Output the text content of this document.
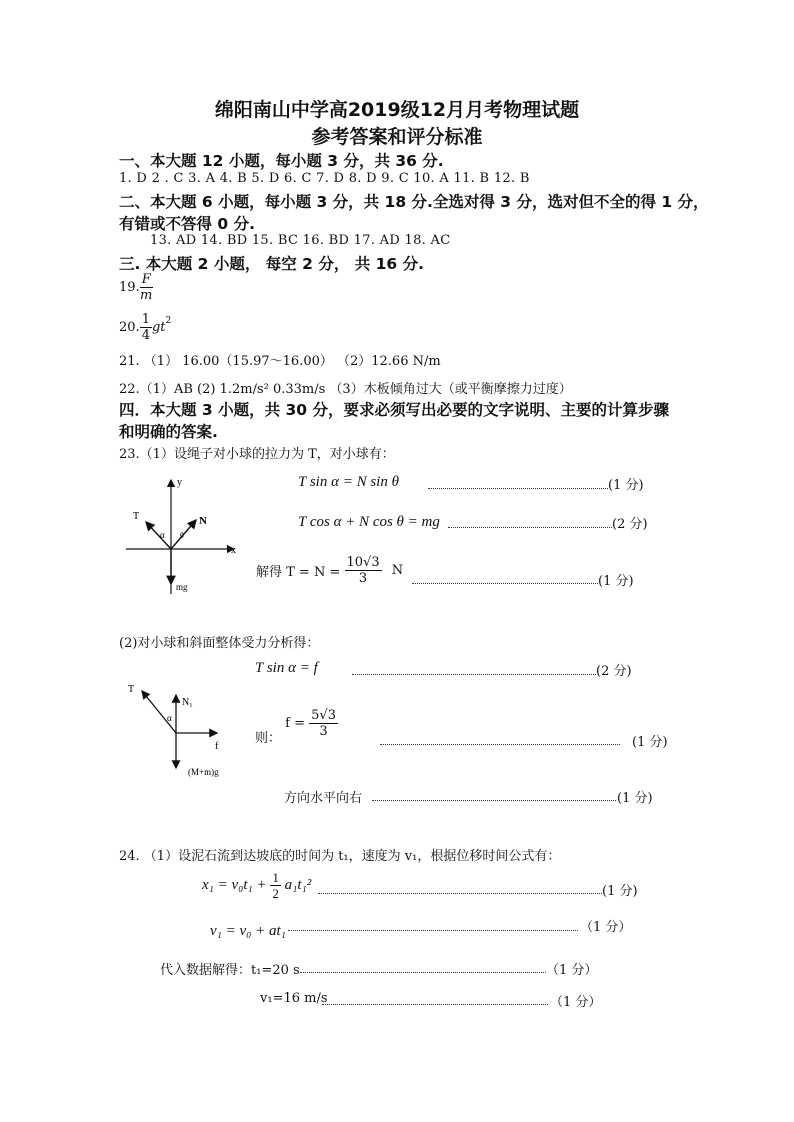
绵阳南山中学高2019级12月月考物理试题
参考答案和评分标准
一、本大题 12 小题，每小题 3 分，共 36 分.
1. D 2 . C 3. A 4. B 5. D 6. C 7. D 8. D 9. C 10. A 11. B 12. B
二、本大题 6 小题，每小题 3 分，共 18 分.全选对得 3 分，选对但不全的得 1 分，
有错或不答得 0 分.
13. AD 14. BD 15. BC 16. BD 17. AD 18. AC
三. 本大题 2 小题， 每空 2 分， 共 16 分.
19. $\frac{F}{m}$
20. $\frac{1}{4} gt^2$
21. （1） 16.00（15.97～16.00） （2）12.66 N/m
22.（1）AB (2) 1.2m/s² 0.33m/s （3）木板倾角过大（或平衡摩擦力过度）
四．本大题 3 小题，共 30 分，要求必须写出必要的文字说明、主要的计算步骤
和明确的答案.
23.（1）设绳子对小球的拉力为 T，对小球有：
y
x
T	N
α θ
mg
T sin α = N sin θ	(1 分)
T cos α + N cos θ = mg	(2 分)
解得 $T = N = \frac{10√3}{3}$ N
(1 分)
(2)对小球和斜面整体受力分析得：
T
N₁
α
f
(M+m)g
T sin α = f	(2 分)
则： $f = \frac{5√3}{3}$
(1 分)
方向水平向右	(1 分)
24. （1）设泥石流到达坡底的时间为 t₁，速度为 v₁，根据位移时间公式有：
$x_1 = v_0t_1 + \frac{1}{2} a_1t_1^2$	(1 分)
v₁ = v₀ + at₁	（1 分）
代入数据解得：t₁=20 s	（1 分）
v₁=16 m/s	（1 分）
